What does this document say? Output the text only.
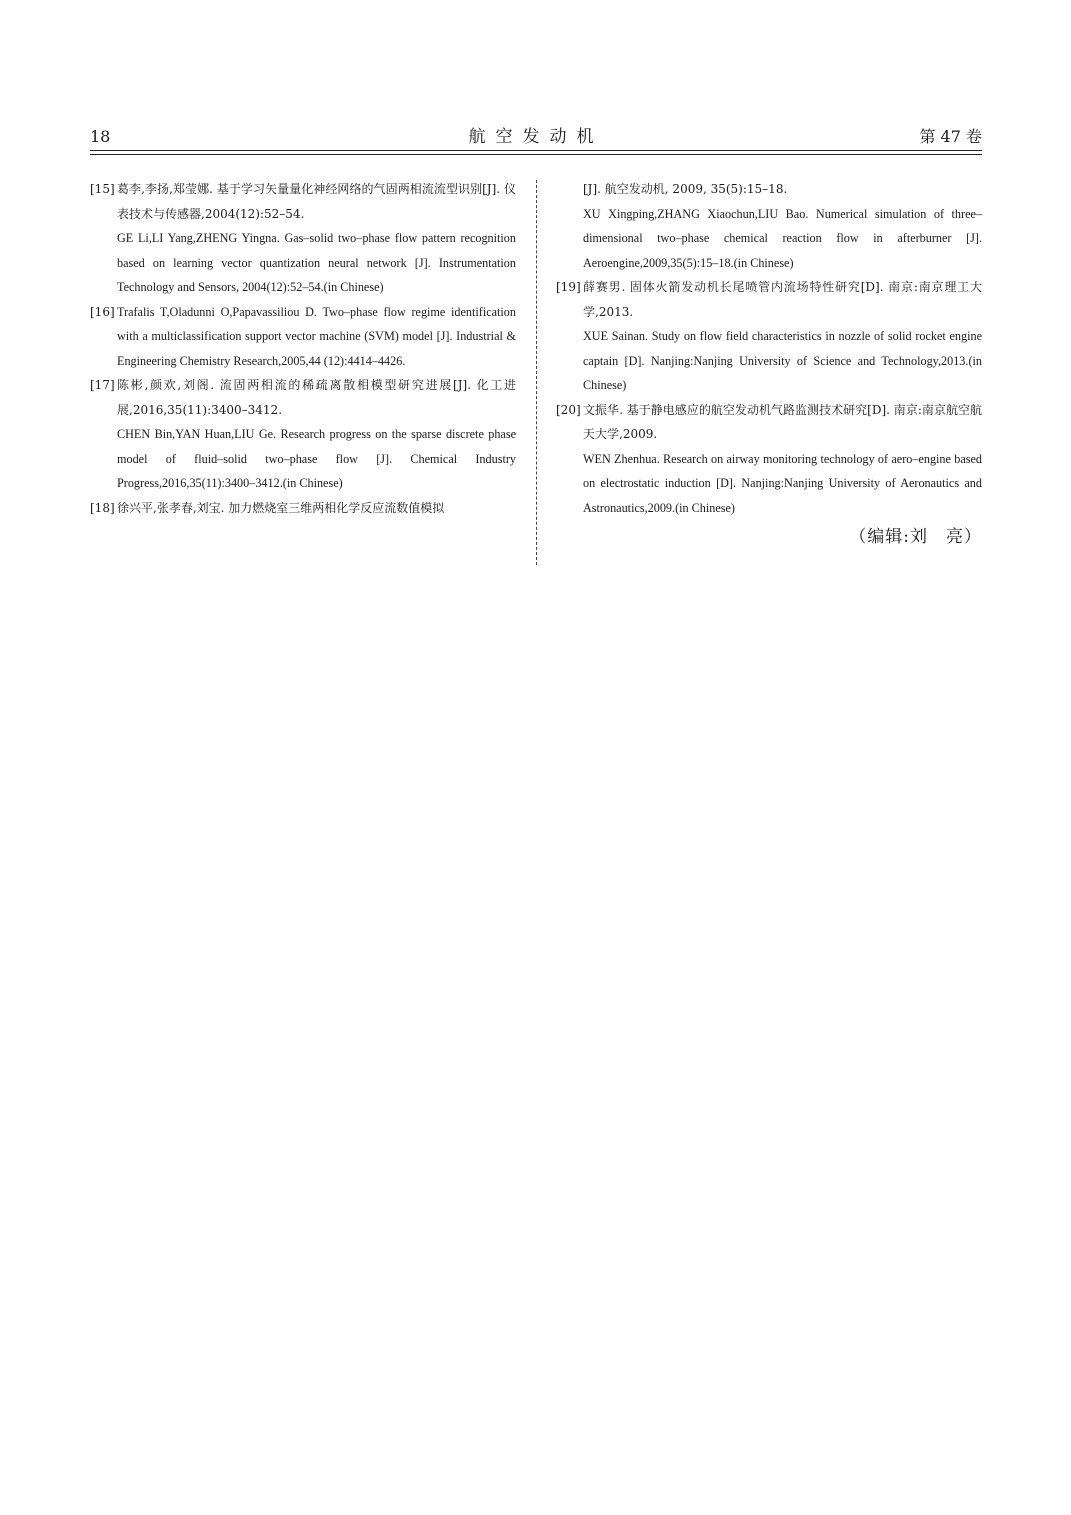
18	航空发动机	第 47 卷
[15] 葛李,李扬,郑莹娜. 基于学习矢量量化神经网络的气固两相流流型识别[J]. 仪表技术与传感器,2004(12):52–54.

GE Li,LI Yang,ZHENG Yingna. Gas–solid two–phase flow pattern recognition based on learning vector quantization neural network [J]. Instrumentation Technology and Sensors, 2004(12):52–54.(in Chinese)

[16] Trafalis T,Oladunni O,Papavassiliou D. Two–phase flow regime identification with a multiclassification support vector machine (SVM) model [J]. Industrial & Engineering Chemistry Research,2005,44 (12):4414–4426.

[17] 陈彬,颜欢,刘阁. 流固两相流的稀疏离散相模型研究进展[J]. 化工进展,2016,35(11):3400–3412.

CHEN Bin,YAN Huan,LIU Ge. Research progress on the sparse discrete phase model of fluid–solid two–phase flow [J]. Chemical Industry Progress,2016,35(11):3400–3412.(in Chinese)

[18] 徐兴平,张孝春,刘宝. 加力燃烧室三维两相化学反应流数值模拟

[J]. 航空发动机, 2009, 35(5):15–18.

XU Xingping,ZHANG Xiaochun,LIU Bao. Numerical simulation of three–dimensional two–phase chemical reaction flow in afterburner [J]. Aeroengine,2009,35(5):15–18.(in Chinese)

[19] 薛赛男. 固体火箭发动机长尾喷管内流场特性研究[D]. 南京:南京理工大学,2013.

XUE Sainan. Study on flow field characteristics in nozzle of solid rocket engine captain [D]. Nanjing:Nanjing University of Science and Technology,2013.(in Chinese)

[20] 文振华. 基于静电感应的航空发动机气路监测技术研究[D]. 南京:南京航空航天大学,2009.

WEN Zhenhua. Research on airway monitoring technology of aero–engine based on electrostatic induction [D]. Nanjing:Nanjing University of Aeronautics and Astronautics,2009.(in Chinese)

（编辑:刘　亮）
